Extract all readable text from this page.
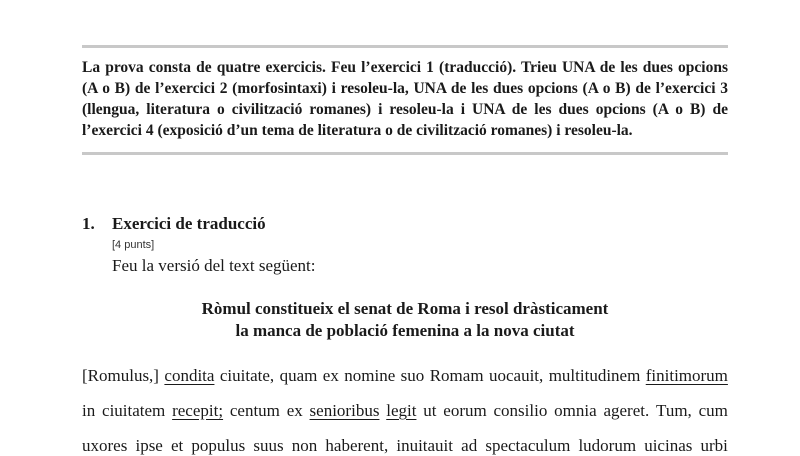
La prova consta de quatre exercicis. Feu l’exercici 1 (traducció). Trieu UNA de les dues opcions (A o B) de l’exercici 2 (morfosintaxi) i resoleu-la, UNA de les dues opcions (A o B) de l’exercici 3 (llengua, literatura o civilització romanes) i resoleu-la i UNA de les dues opcions (A o B) de l’exercici 4 (exposició d’un tema de literatura o de civilització romanes) i resoleu-la.

1. Exercici de traducció
[4 punts]
Feu la versió del text següent:
Ròmul constitueix el senat de Roma i resol dràsticament
la manca de població femenina a la nova ciutat
[Romulus,] condita ciuitate, quam ex nomine suo Romam uocauit, multitudinem finitimorum
in ciuitatem recepit; centum ex senioribus legit ut eorum consilio omnia ageret. Tum, cum
uxores ipse et populus suus non haberent, inuitauit ad spectaculum ludorum uicinas urbi
